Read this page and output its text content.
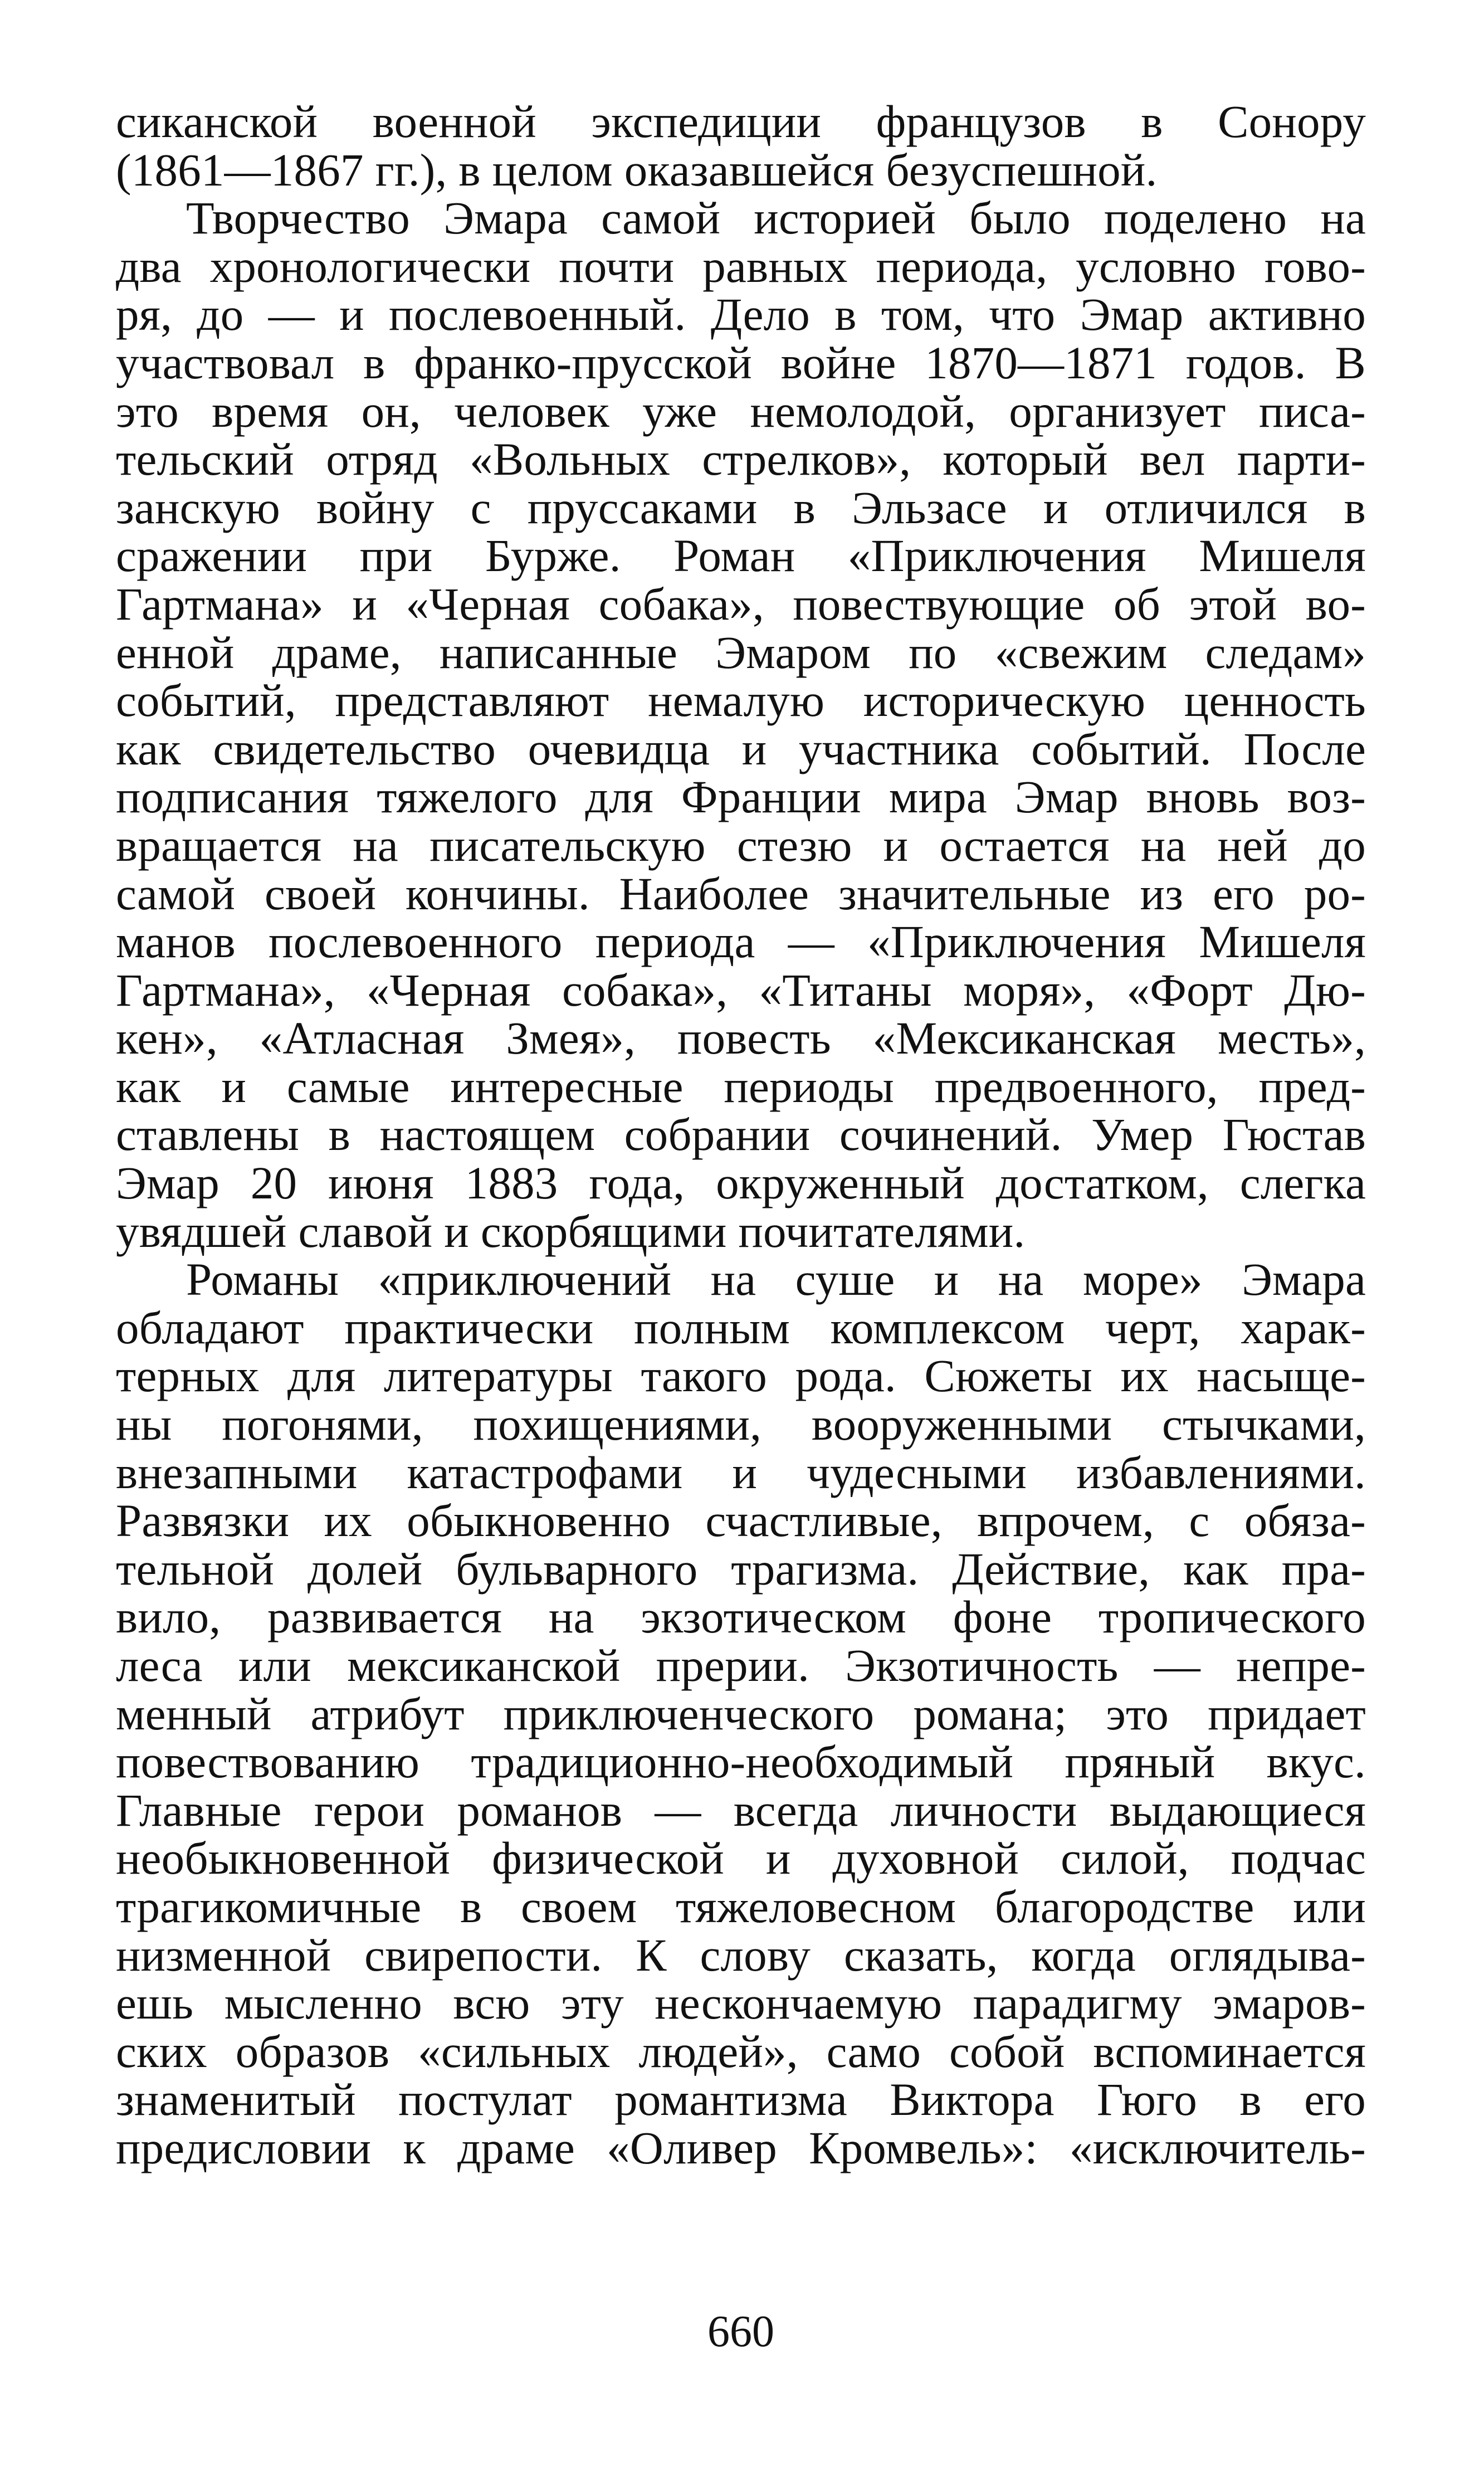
сиканской военной экспедиции французов в Сонору
(1861—1867 гг.), в целом оказавшейся безуспешной.
Творчество Эмара самой историей было поделено на
два хронологически почти равных периода, условно гово-
ря, до — и послевоенный. Дело в том, что Эмар активно
участвовал в франко-прусской войне 1870—1871 годов. В
это время он, человек уже немолодой, организует писа-
тельский отряд «Вольных стрелков», который вел парти-
занскую войну с пруссаками в Эльзасе и отличился в
сражении при Бурже. Роман «Приключения Мишеля
Гартмана» и «Черная собака», повествующие об этой во-
енной драме, написанные Эмаром по «свежим следам»
событий, представляют немалую историческую ценность
как свидетельство очевидца и участника событий. После
подписания тяжелого для Франции мира Эмар вновь воз-
вращается на писательскую стезю и остается на ней до
самой своей кончины. Наиболее значительные из его ро-
манов послевоенного периода — «Приключения Мишеля
Гартмана», «Черная собака», «Титаны моря», «Форт Дю-
кен», «Атласная Змея», повесть «Мексиканская месть»,
как и самые интересные периоды предвоенного, пред-
ставлены в настоящем собрании сочинений. Умер Гюстав
Эмар 20 июня 1883 года, окруженный достатком, слегка
увядшей славой и скорбящими почитателями.
Романы «приключений на суше и на море» Эмара
обладают практически полным комплексом черт, харак-
терных для литературы такого рода. Сюжеты их насыще-
ны погонями, похищениями, вооруженными стычками,
внезапными катастрофами и чудесными избавлениями.
Развязки их обыкновенно счастливые, впрочем, с обяза-
тельной долей бульварного трагизма. Действие, как пра-
вило, развивается на экзотическом фоне тропического
леса или мексиканской прерии. Экзотичность — непре-
менный атрибут приключенческого романа; это придает
повествованию традиционно-необходимый пряный вкус.
Главные герои романов — всегда личности выдающиеся
необыкновенной физической и духовной силой, подчас
трагикомичные в своем тяжеловесном благородстве или
низменной свирепости. К слову сказать, когда оглядыва-
ешь мысленно всю эту нескончаемую парадигму эмаров-
ских образов «сильных людей», само собой вспоминается
знаменитый постулат романтизма Виктора Гюго в его
предисловии к драме «Оливер Кромвель»: «исключитель-
660
